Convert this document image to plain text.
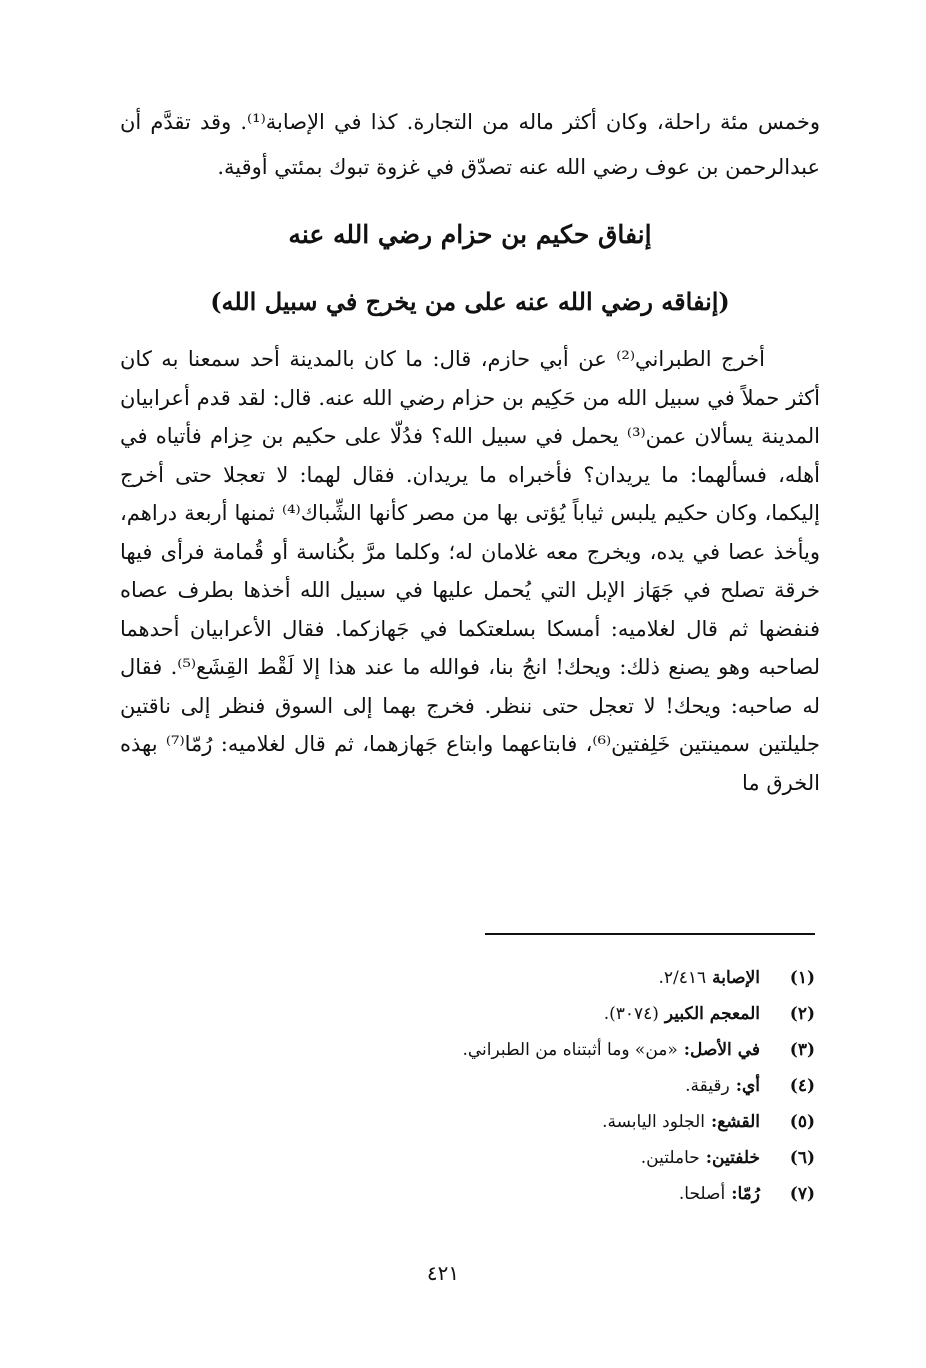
وخمس مئة راحلة، وكان أكثر ماله من التجارة. كذا في الإصابة⁽¹⁾. وقد تقدَّم أن عبدالرحمن بن عوف رضي الله عنه تصدّق في غزوة تبوك بمئتي أوقية.
إنفاق حكيم بن حزام رضي الله عنه
(إنفاقه رضي الله عنه على من يخرج في سبيل الله)

أخرج الطبراني⁽²⁾ عن أبي حازم، قال: ما كان بالمدينة أحد سمعنا به كان أكثر حملاً في سبيل الله من حَكِيم بن حزام رضي الله عنه. قال: لقد قدم أعرابيان المدينة يسألان عمن⁽³⁾ يحمل في سبيل الله؟ فدُلّا على حكيم بن حِزام فأتياه في أهله، فسألهما: ما يريدان؟ فأخبراه ما يريدان. فقال لهما: لا تعجلا حتى أخرج إليكما، وكان حكيم يلبس ثياباً يُؤتى بها من مصر كأنها الشِّباك⁽⁴⁾ ثمنها أربعة دراهم، ويأخذ عصا في يده، ويخرج معه غلامان له؛ وكلما مرَّ بكُناسة أو قُمامة فرأى فيها خرقة تصلح في جَهَاز الإبل التي يُحمل عليها في سبيل الله أخذها بطرف عصاه فنفضها ثم قال لغلاميه: أمسكا بسلعتكما في جَهازكما. فقال الأعرابيان أحدهما لصاحبه وهو يصنع ذلك: ويحك! انجُ بنا، فوالله ما عند هذا إلا لَقْط القِشَع⁽⁵⁾. فقال له صاحبه: ويحك! لا تعجل حتى ننظر. فخرج بهما إلى السوق فنظر إلى ناقتين جليلتين سمينتين خَلِفتين⁽⁶⁾، فابتاعهما وابتاع جَهازهما، ثم قال لغلاميه: رُمّا⁽⁷⁾ بهذه الخرق ما

(١)
الإصابة
٢/٤١٦.
(٢)
المعجم الكبير
(٣٠٧٤).
(٣)
في الأصل:
«من» وما أثبتناه من الطبراني.
(٤)
أي:
رقيقة.
(٥)
القشع:
الجلود اليابسة.
(٦)
خلفتين:
حاملتين.
(٧)
رُمّا:
أصلحا.
٤٢١
